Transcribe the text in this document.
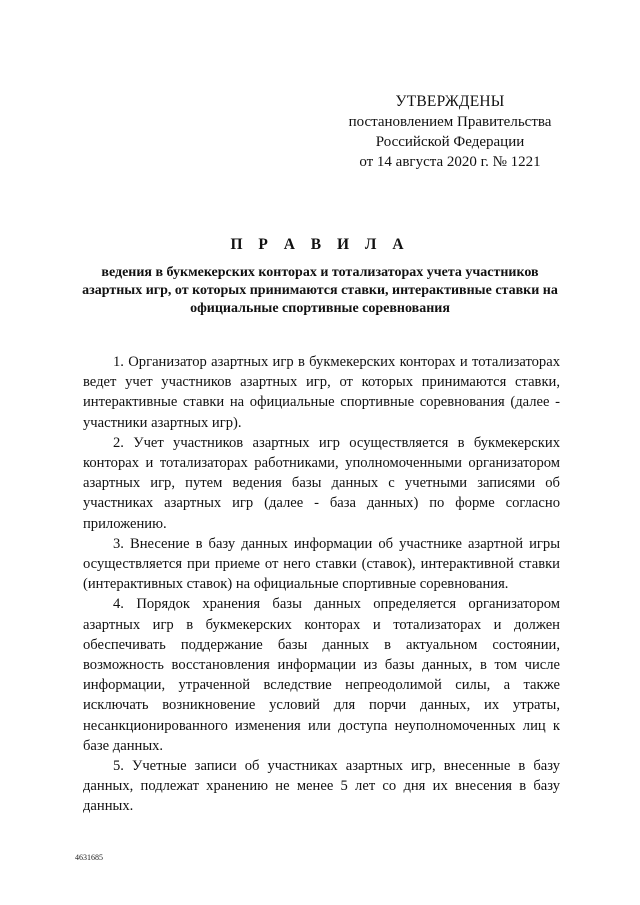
УТВЕРЖДЕНЫ
постановлением Правительства
Российской Федерации
от 14 августа 2020 г. № 1221
П Р А В И Л А
ведения в букмекерских конторах и тотализаторах учета участников азартных игр, от которых принимаются ставки, интерактивные ставки на официальные спортивные соревнования

1. Организатор азартных игр в букмекерских конторах и тотализаторах ведет учет участников азартных игр, от которых принимаются ставки, интерактивные ставки на официальные спортивные соревнования (далее - участники азартных игр).

2. Учет участников азартных игр осуществляется в букмекерских конторах и тотализаторах работниками, уполномоченными организатором азартных игр, путем ведения базы данных с учетными записями об участниках азартных игр (далее - база данных) по форме согласно приложению.

3. Внесение в базу данных информации об участнике азартной игры осуществляется при приеме от него ставки (ставок), интерактивной ставки (интерактивных ставок) на официальные спортивные соревнования.

4. Порядок хранения базы данных определяется организатором азартных игр в букмекерских конторах и тотализаторах и должен обеспечивать поддержание базы данных в актуальном состоянии, возможность восстановления информации из базы данных, в том числе информации, утраченной вследствие непреодолимой силы, а также исключать возникновение условий для порчи данных, их утраты, несанкционированного изменения или доступа неуполномоченных лиц к базе данных.

5. Учетные записи об участниках азартных игр, внесенные в базу данных, подлежат хранению не менее 5 лет со дня их внесения в базу данных.

4631685
